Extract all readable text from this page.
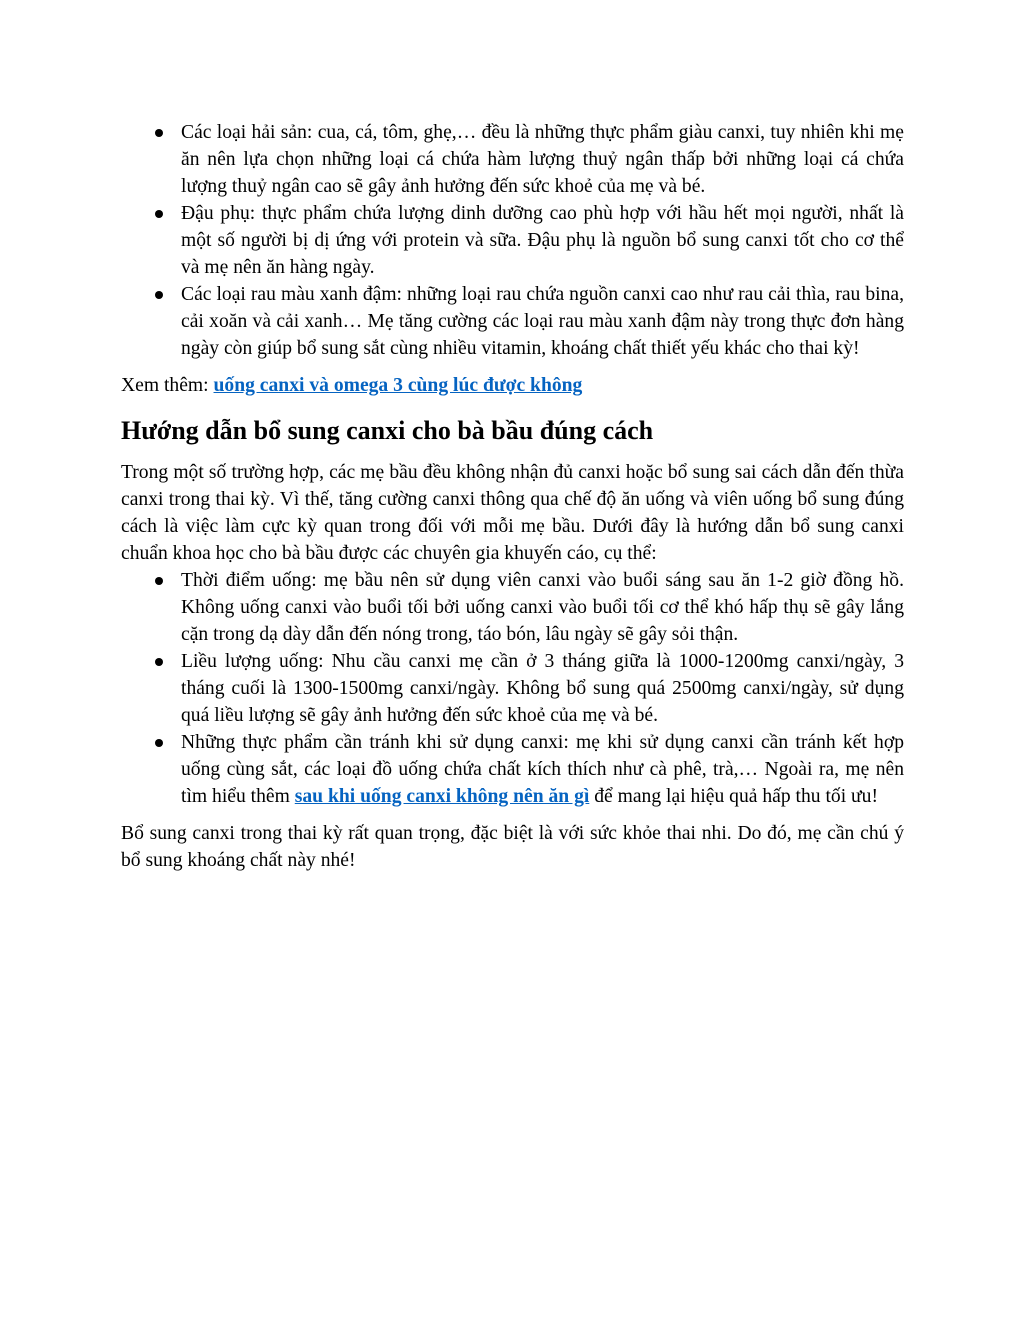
Các loại hải sản: cua, cá, tôm, ghẹ,… đều là những thực phẩm giàu canxi, tuy nhiên khi mẹ ăn nên lựa chọn những loại cá chứa hàm lượng thuỷ ngân thấp bởi những loại cá chứa lượng thuỷ ngân cao sẽ gây ảnh hưởng đến sức khoẻ của mẹ và bé.
Đậu phụ: thực phẩm chứa lượng dinh dưỡng cao phù hợp với hầu hết mọi người, nhất là một số người bị dị ứng với protein và sữa. Đậu phụ là nguồn bổ sung canxi tốt cho cơ thể và mẹ nên ăn hàng ngày.
Các loại rau màu xanh đậm: những loại rau chứa nguồn canxi cao như rau cải thìa, rau bina, cải xoăn và cải xanh… Mẹ tăng cường các loại rau màu xanh đậm này trong thực đơn hàng ngày còn giúp bổ sung sắt cùng nhiều vitamin, khoáng chất thiết yếu khác cho thai kỳ!

Xem thêm: uống canxi và omega 3 cùng lúc được không

Hướng dẫn bổ sung canxi cho bà bầu đúng cách

Trong một số trường hợp, các mẹ bầu đều không nhận đủ canxi hoặc bổ sung sai cách dẫn đến thừa canxi trong thai kỳ. Vì thế, tăng cường canxi thông qua chế độ ăn uống và viên uống bổ sung đúng cách là việc làm cực kỳ quan trong đối với mỗi mẹ bầu. Dưới đây là hướng dẫn bổ sung canxi chuẩn khoa học cho bà bầu được các chuyên gia khuyến cáo, cụ thể:

Thời điểm uống: mẹ bầu nên sử dụng viên canxi vào buổi sáng sau ăn 1-2 giờ đồng hồ. Không uống canxi vào buổi tối bởi uống canxi vào buổi tối cơ thể khó hấp thụ sẽ gây lắng cặn trong dạ dày dẫn đến nóng trong, táo bón, lâu ngày sẽ gây sỏi thận.
Liều lượng uống: Nhu cầu canxi mẹ cần ở 3 tháng giữa là 1000-1200mg canxi/ngày, 3 tháng cuối là 1300-1500mg canxi/ngày. Không bổ sung quá 2500mg canxi/ngày, sử dụng quá liều lượng sẽ gây ảnh hưởng đến sức khoẻ của mẹ và bé.
Những thực phẩm cần tránh khi sử dụng canxi: mẹ khi sử dụng canxi cần tránh kết hợp uống cùng sắt, các loại đồ uống chứa chất kích thích như cà phê, trà,… Ngoài ra, mẹ nên tìm hiểu thêm sau khi uống canxi không nên ăn gì để mang lại hiệu quả hấp thu tối ưu!

Bổ sung canxi trong thai kỳ rất quan trọng, đặc biệt là với sức khỏe thai nhi. Do đó, mẹ cần chú ý bổ sung khoáng chất này nhé!
